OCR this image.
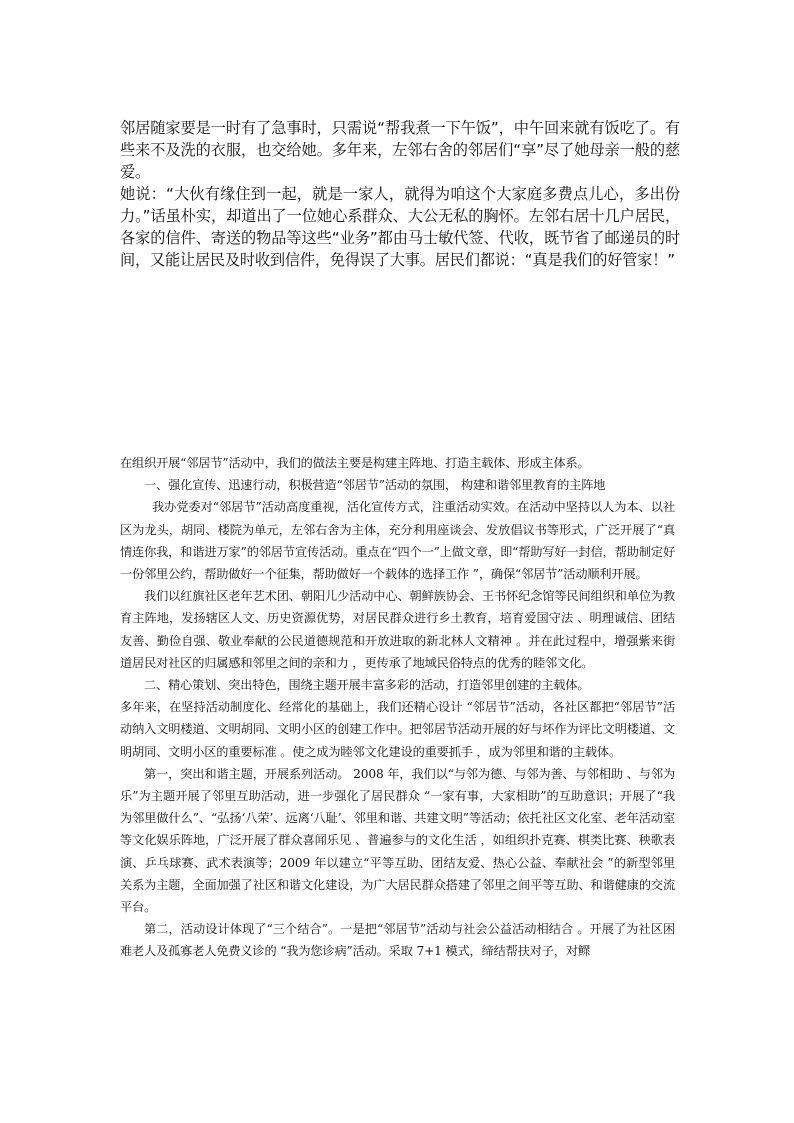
邻居随家要是一时有了急事时，只需说“帮我煮一下午饭”，中午回来就有饭吃了。有些来不及洗的衣服，也交给她。多年来，左邻右舍的邻居们“享”尽了她母亲一般的慈爱。

她说：“大伙有缘住到一起，就是一家人，就得为咱这个大家庭多费点儿心，多出份力。”话虽朴实，却道出了一位她心系群众、大公无私的胸怀。左邻右居十几户居民，各家的信件、寄送的物品等这些“业务”都由马士敏代签、代收，既节省了邮递员的时间，又能让居民及时收到信件，免得误了大事。居民们都说：“真是我们的好管家！”

在组织开展“邻居节”活动中，我们的做法主要是构建主阵地、打造主载体、形成主体系。

一、强化宣传、迅速行动，积极营造“邻居节”活动的氛围， 构建和谐邻里教育的主阵地

我办党委对“邻居节”活动高度重视，活化宣传方式，注重活动实效。在活动中坚持以人为本、以社区为龙头，胡同、楼院为单元，左邻右舍为主体，充分利用座谈会、发放倡议书等形式，广泛开展了“真情连你我，和谐进万家”的邻居节宣传活动。重点在“四个一”上做文章，即“帮助写好一封信，帮助制定好一份邻里公约，帮助做好一个征集，帮助做好一个载体的选择工作 ”，确保“邻居节”活动顺利开展。

我们以红旗社区老年艺术团、朝阳儿少活动中心、朝鲜族协会、王书怀纪念馆等民间组织和单位为教育主阵地，发扬辖区人文、历史资源优势，对居民群众进行乡土教育，培育爱国守法 、明理诚信、团结友善、勤俭自强、敬业奉献的公民道德规范和开放进取的新北林人文精神 。并在此过程中，增强紫来街道居民对社区的归属感和邻里之间的亲和力 ，更传承了地域民俗特点的优秀的睦邻文化。

二、精心策划、突出特色，围绕主题开展丰富多彩的活动，打造邻里创建的主载体。

多年来，在坚持活动制度化、经常化的基础上，我们还精心设计 “邻居节”活动，各社区都把“邻居节”活动纳入文明楼道、文明胡同、文明小区的创建工作中。把邻居节活动开展的好与坏作为评比文明楼道、文明胡同、文明小区的重要标准 。使之成为睦邻文化建设的重要抓手 ，成为邻里和谐的主载体。

第一，突出和谐主题，开展系列活动。 2008 年，我们以“与邻为德、与邻为善、与邻相助 、与邻为乐”为主题开展了邻里互助活动，进一步强化了居民群众 “一家有事，大家相助”的互助意识；开展了“我为邻里做什么”、“弘扬‘八荣’、远离‘八耻’、邻里和谐、共建文明”等活动；依托社区文化室、老年活动室等文化娱乐阵地，广泛开展了群众喜闻乐见 、普遍参与的文化生活 ，如组织扑克赛、棋类比赛、秧歌表演、乒乓球赛、武术表演等；2009 年以建立“平等互助、团结友爱、热心公益、奉献社会 ”的新型邻里关系为主题，全面加强了社区和谐文化建设，为广大居民群众搭建了邻里之间平等互助、和谐健康的交流平台。

第二，活动设计体现了“三个结合”。一是把“邻居节”活动与社会公益活动相结合 。开展了为社区困难老人及孤寡老人免费义诊的 “我为您诊病”活动。采取 7+1 模式，缔结帮扶对子，对鳏
